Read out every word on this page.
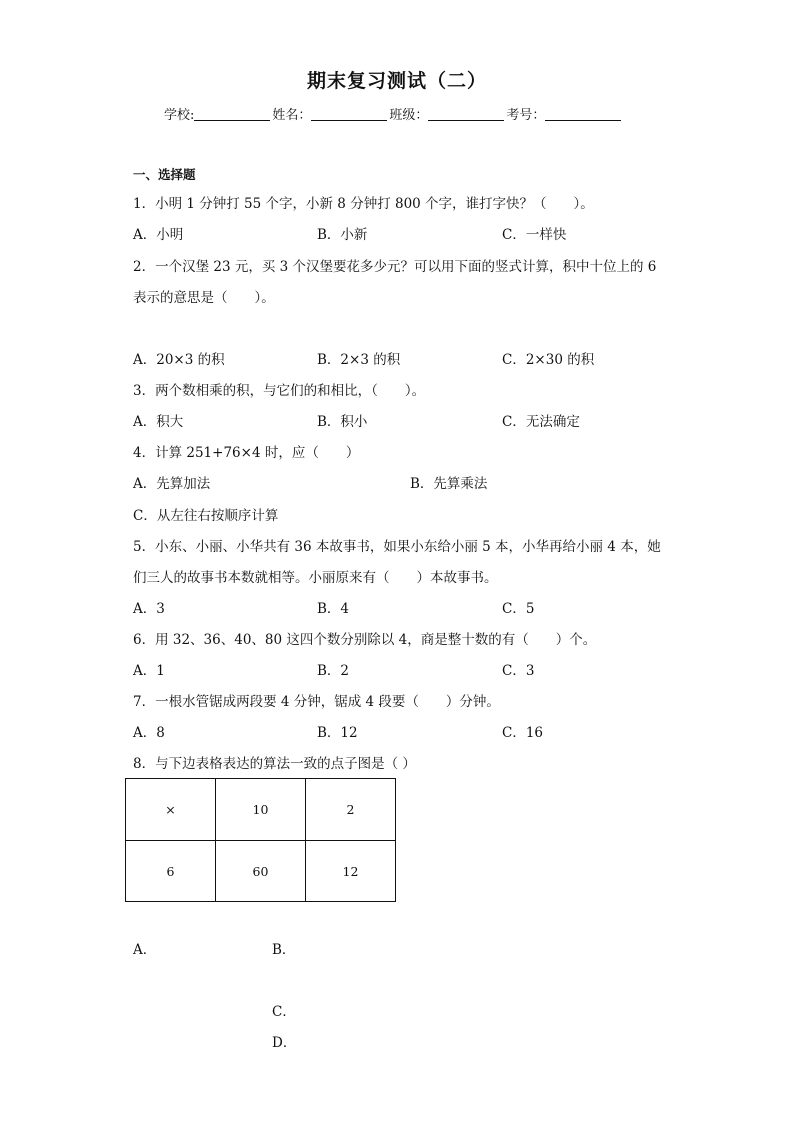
期末复习测试（二）
学校:	姓名：	班级：	考号：
一、选择题
1．小明 1 分钟打 55 个字，小新 8 分钟打 800 个字，谁打字快？（　　）。
A．小明	B．小新	C．一样快
2．一个汉堡 23 元，买 3 个汉堡要花多少元？可以用下面的竖式计算，积中十位上的 6
表示的意思是（　　）。
A．20×3 的积	B．2×3 的积	C．2×30 的积
3．两个数相乘的积，与它们的和相比，（　　）。
A．积大	B．积小	C．无法确定
4．计算 251+76×4 时，应（　　）
A．先算加法	B．先算乘法
C．从左往右按顺序计算
5．小东、小丽、小华共有 36 本故事书，如果小东给小丽 5 本，小华再给小丽 4 本，她
们三人的故事书本数就相等。小丽原来有（　　）本故事书。
A．3	B．4	C．5
6．用 32、36、40、80 这四个数分别除以 4，商是整十数的有（　　）个。
A．1	B．2	C．3
7．一根水管锯成两段要 4 分钟，锯成 4 段要（　　）分钟。
A．8	B．12	C．16
8．与下边表格表达的算法一致的点子图是（ ）
×	10	2
6	60	12
A．	B．
C．
D．
